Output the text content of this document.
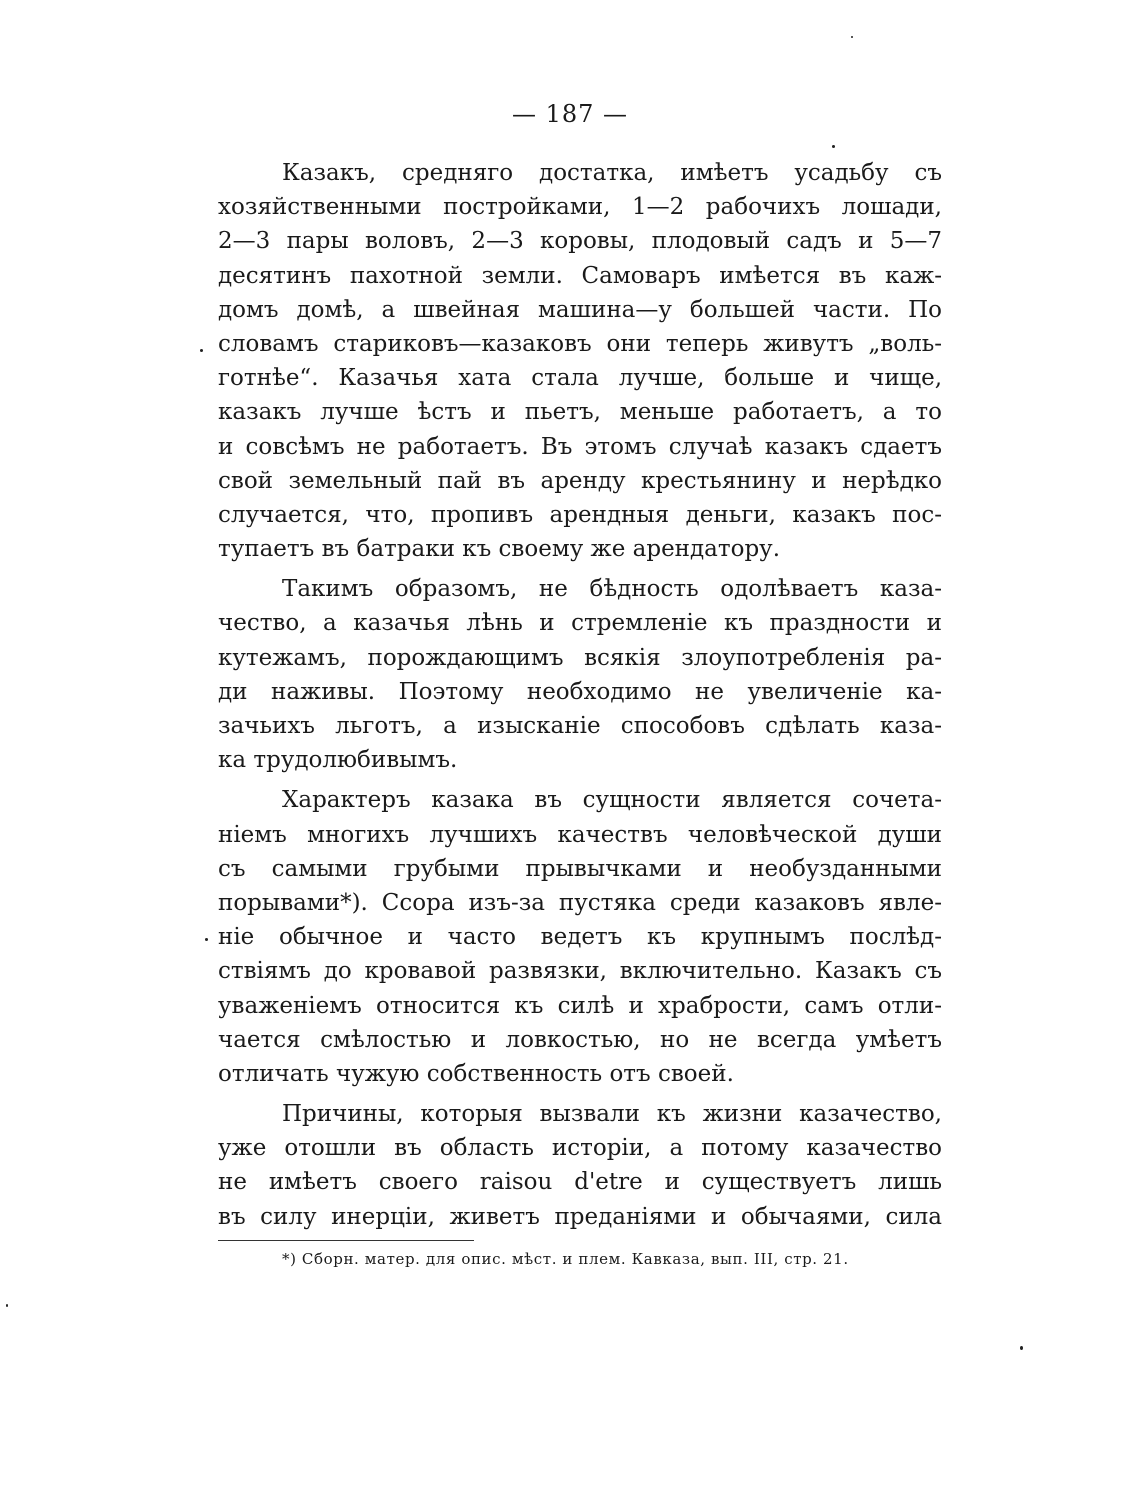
— 187 —
Казакъ, средняго достатка, имѣетъ усадьбу съ
хозяйственными постройками, 1—2 рабочихъ лошади,
2—3 пары воловъ, 2—3 коровы, плодовый садъ и 5—7
десятинъ пахотной земли. Самоваръ имѣется въ каж-
домъ домѣ, а швейная машина—у большей части. По
словамъ стариковъ—казаковъ они теперь живутъ „воль-
готнѣе“. Казачья хата стала лучше, больше и чище,
казакъ лучше ѣстъ и пьетъ, меньше работаетъ, а то
и совсѣмъ не работаетъ. Въ этомъ случаѣ казакъ сдаетъ
свой земельный пай въ аренду крестьянину и нерѣдко
случается, что, пропивъ арендныя деньги, казакъ пос-
тупаетъ въ батраки къ своему же арендатору.
Такимъ образомъ, не бѣдность одолѣваетъ каза-
чество, а казачья лѣнь и стремленіе къ праздности и
кутежамъ, порождающимъ всякія злоупотребленія ра-
ди наживы. Поэтому необходимо не увеличеніе ка-
зачьихъ льготъ, а изысканіе способовъ сдѣлать каза-
ка трудолюбивымъ.
Характеръ казака въ сущности является сочета-
ніемъ многихъ лучшихъ качествъ человѣческой души
съ самыми грубыми прывычками и необузданными
порывами*). Ссора изъ-за пустяка среди казаковъ явле-
ніе обычное и часто ведетъ къ крупнымъ послѣд-
ствіямъ до кровавой развязки, включительно. Казакъ съ
уваженіемъ относится къ силѣ и храбрости, самъ отли-
чается смѣлостью и ловкостью, но не всегда умѣетъ
отличать чужую собственность отъ своей.
Причины, которыя вызвали къ жизни казачество,
уже отошли въ область исторіи, а потому казачество
не имѣетъ своего raisou d'etre и существуетъ лишь
въ силу инерціи, живетъ преданіями и обычаями, сила
*) Сборн. матер. для опис. мѣст. и плем. Кавказа, вып. III, стр. 21.
